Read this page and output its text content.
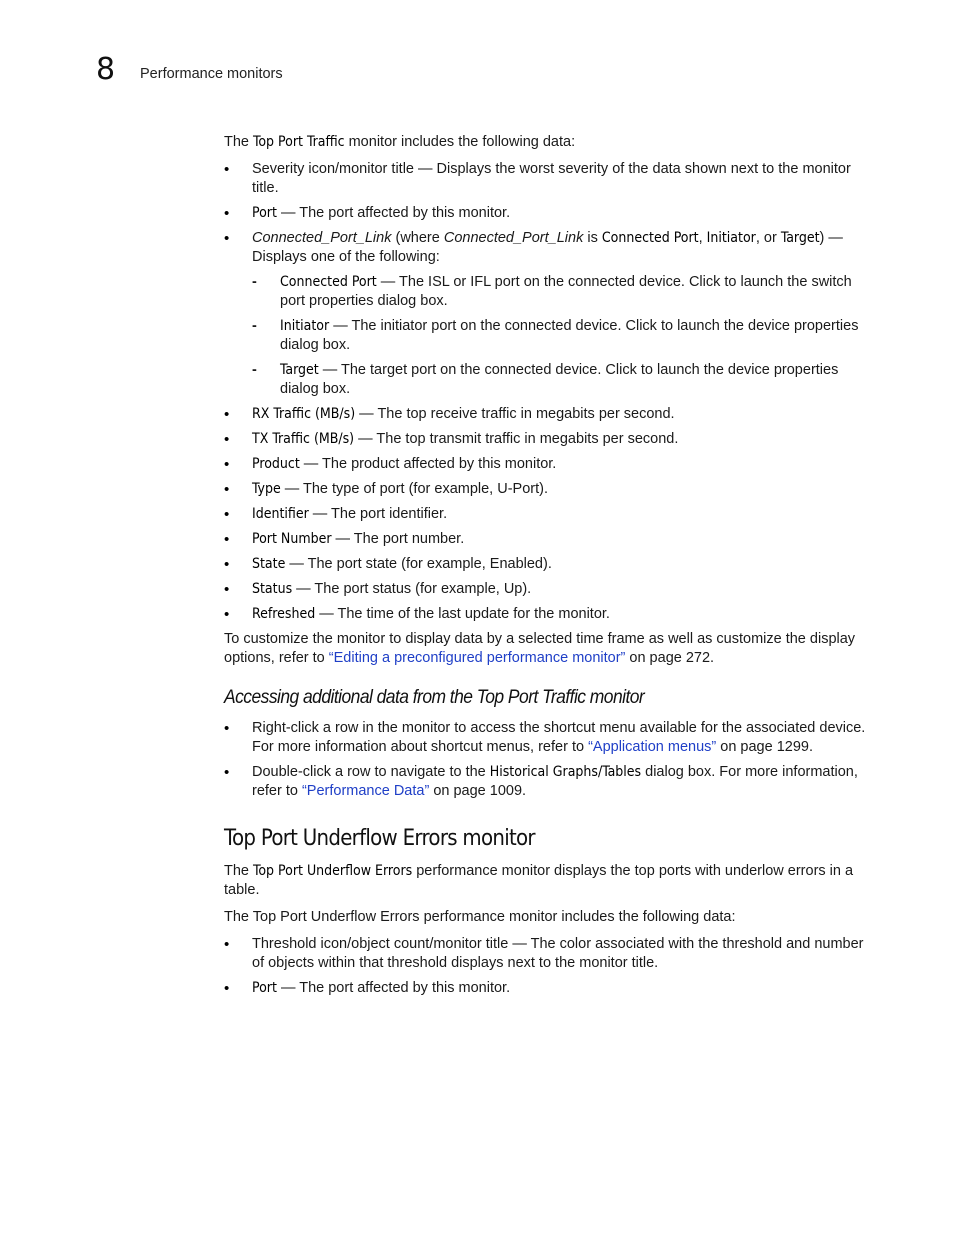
8 Performance monitors

The Top Port Traffic monitor includes the following data:

• Severity icon/monitor title — Displays the worst severity of the data shown next to the monitor title.
• Port — The port affected by this monitor.
• Connected_Port_Link (where Connected_Port_Link is Connected Port, Initiator, or Target) — Displays one of the following:
- Connected Port — The ISL or IFL port on the connected device. Click to launch the switch port properties dialog box.
- Initiator — The initiator port on the connected device. Click to launch the device properties dialog box.
- Target — The target port on the connected device. Click to launch the device properties dialog box.
• RX Traffic (MB/s) — The top receive traffic in megabits per second.
• TX Traffic (MB/s) — The top transmit traffic in megabits per second.
• Product — The product affected by this monitor.
• Type — The type of port (for example, U-Port).
• Identifier — The port identifier.
• Port Number — The port number.
• State — The port state (for example, Enabled).
• Status — The port status (for example, Up).
• Refreshed — The time of the last update for the monitor.

To customize the monitor to display data by a selected time frame as well as customize the display options, refer to “Editing a preconfigured performance monitor” on page 272.

Accessing additional data from the Top Port Traffic monitor
• Right-click a row in the monitor to access the shortcut menu available for the associated device. For more information about shortcut menus, refer to “Application menus” on page 1299.
• Double-click a row to navigate to the Historical Graphs/Tables dialog box. For more information, refer to “Performance Data” on page 1009.
Top Port Underflow Errors monitor

The Top Port Underflow Errors performance monitor displays the top ports with underlow errors in a table.

The Top Port Underflow Errors performance monitor includes the following data:

• Threshold icon/object count/monitor title — The color associated with the threshold and number of objects within that threshold displays next to the monitor title.
• Port — The port affected by this monitor.
